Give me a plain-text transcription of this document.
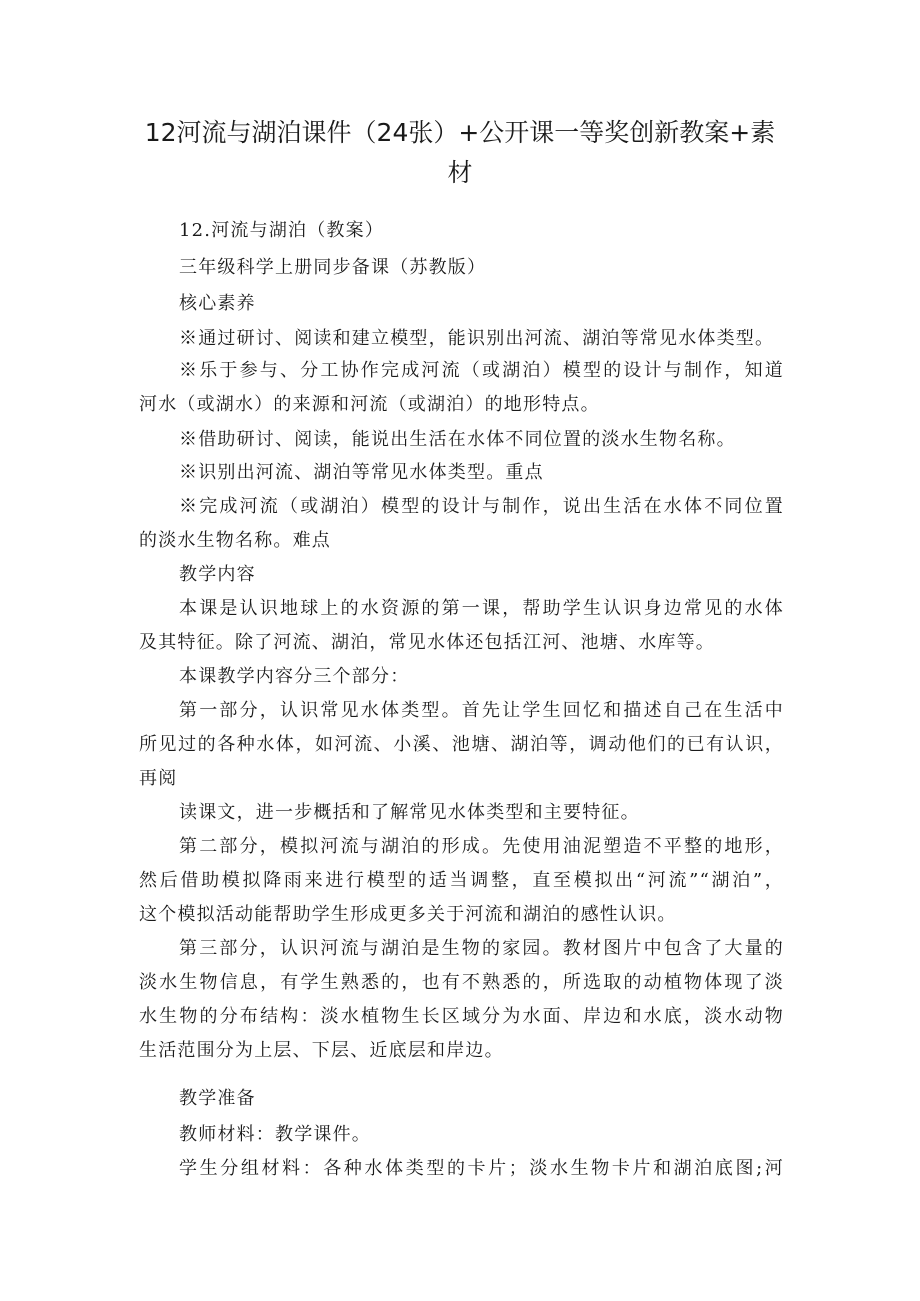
12河流与湖泊课件（24张）+公开课一等奖创新教案+素
材

12.河流与湖泊（教案）

三年级科学上册同步备课（苏教版）

核心素养

※通过研讨、阅读和建立模型，能识别出河流、湖泊等常见水体类型。

※乐于参与、分工协作完成河流（或湖泊）模型的设计与制作，知道

河水（或湖水）的来源和河流（或湖泊）的地形特点。

※借助研讨、阅读，能说出生活在水体不同位置的淡水生物名称。

※识别出河流、湖泊等常见水体类型。重点

※完成河流（或湖泊）模型的设计与制作，说出生活在水体不同位置

的淡水生物名称。难点

教学内容

本课是认识地球上的水资源的第一课，帮助学生认识身边常见的水体

及其特征。除了河流、湖泊，常见水体还包括江河、池塘、水库等。

本课教学内容分三个部分：

第一部分，认识常见水体类型。首先让学生回忆和描述自己在生活中

所见过的各种水体，如河流、小溪、池塘、湖泊等，调动他们的已有认识，

再阅

读课文，进一步概括和了解常见水体类型和主要特征。

第二部分，模拟河流与湖泊的形成。先使用油泥塑造不平整的地形，

然后借助模拟降雨来进行模型的适当调整，直至模拟出“河流”“湖泊”，

这个模拟活动能帮助学生形成更多关于河流和湖泊的感性认识。

第三部分，认识河流与湖泊是生物的家园。教材图片中包含了大量的

淡水生物信息，有学生熟悉的，也有不熟悉的，所选取的动植物体现了淡

水生物的分布结构：淡水植物生长区域分为水面、岸边和水底，淡水动物

生活范围分为上层、下层、近底层和岸边。

教学准备

教师材料：教学课件。

学生分组材料：各种水体类型的卡片；淡水生物卡片和湖泊底图;河
